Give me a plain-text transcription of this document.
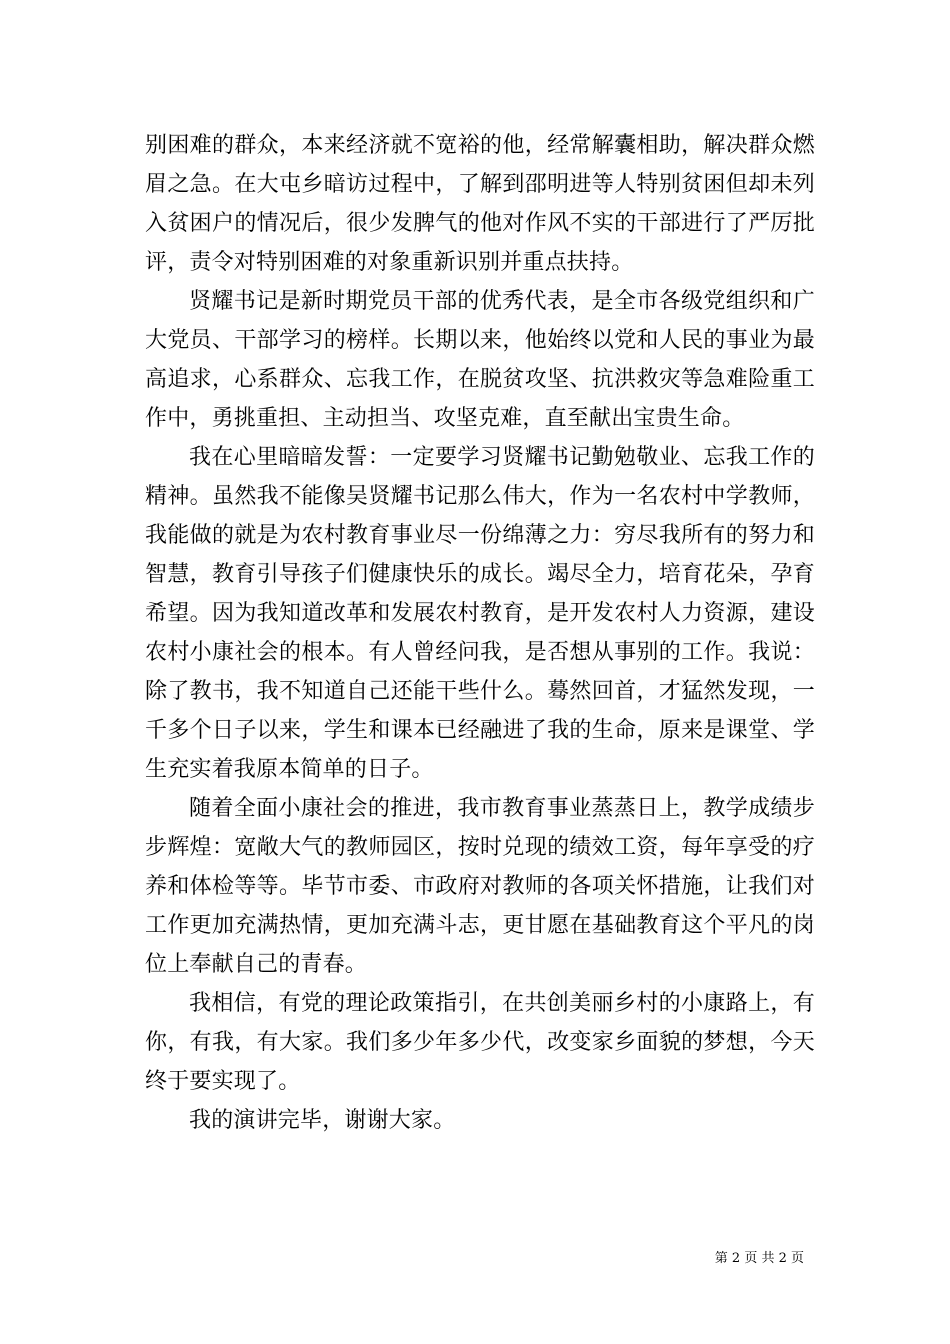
别困难的群众，本来经济就不宽裕的他，经常解囊相助，解决群众燃眉之急。在大屯乡暗访过程中，了解到邵明进等人特别贫困但却未列入贫困户的情况后，很少发脾气的他对作风不实的干部进行了严厉批评，责令对特别困难的对象重新识别并重点扶持。

贤耀书记是新时期党员干部的优秀代表，是全市各级党组织和广大党员、干部学习的榜样。长期以来，他始终以党和人民的事业为最高追求，心系群众、忘我工作，在脱贫攻坚、抗洪救灾等急难险重工作中，勇挑重担、主动担当、攻坚克难，直至献出宝贵生命。

我在心里暗暗发誓：一定要学习贤耀书记勤勉敬业、忘我工作的精神。虽然我不能像吴贤耀书记那么伟大，作为一名农村中学教师，我能做的就是为农村教育事业尽一份绵薄之力：穷尽我所有的努力和智慧，教育引导孩子们健康快乐的成长。竭尽全力，培育花朵，孕育希望。因为我知道改革和发展农村教育，是开发农村人力资源，建设农村小康社会的根本。有人曾经问我，是否想从事别的工作。我说：除了教书，我不知道自己还能干些什么。蓦然回首，才猛然发现，一千多个日子以来，学生和课本已经融进了我的生命，原来是课堂、学生充实着我原本简单的日子。

随着全面小康社会的推进，我市教育事业蒸蒸日上，教学成绩步步辉煌：宽敞大气的教师园区，按时兑现的绩效工资，每年享受的疗养和体检等等。毕节市委、市政府对教师的各项关怀措施，让我们对工作更加充满热情，更加充满斗志，更甘愿在基础教育这个平凡的岗位上奉献自己的青春。

我相信，有党的理论政策指引，在共创美丽乡村的小康路上，有你，有我，有大家。我们多少年多少代，改变家乡面貌的梦想，今天终于要实现了。

我的演讲完毕，谢谢大家。

第 2 页 共 2 页
